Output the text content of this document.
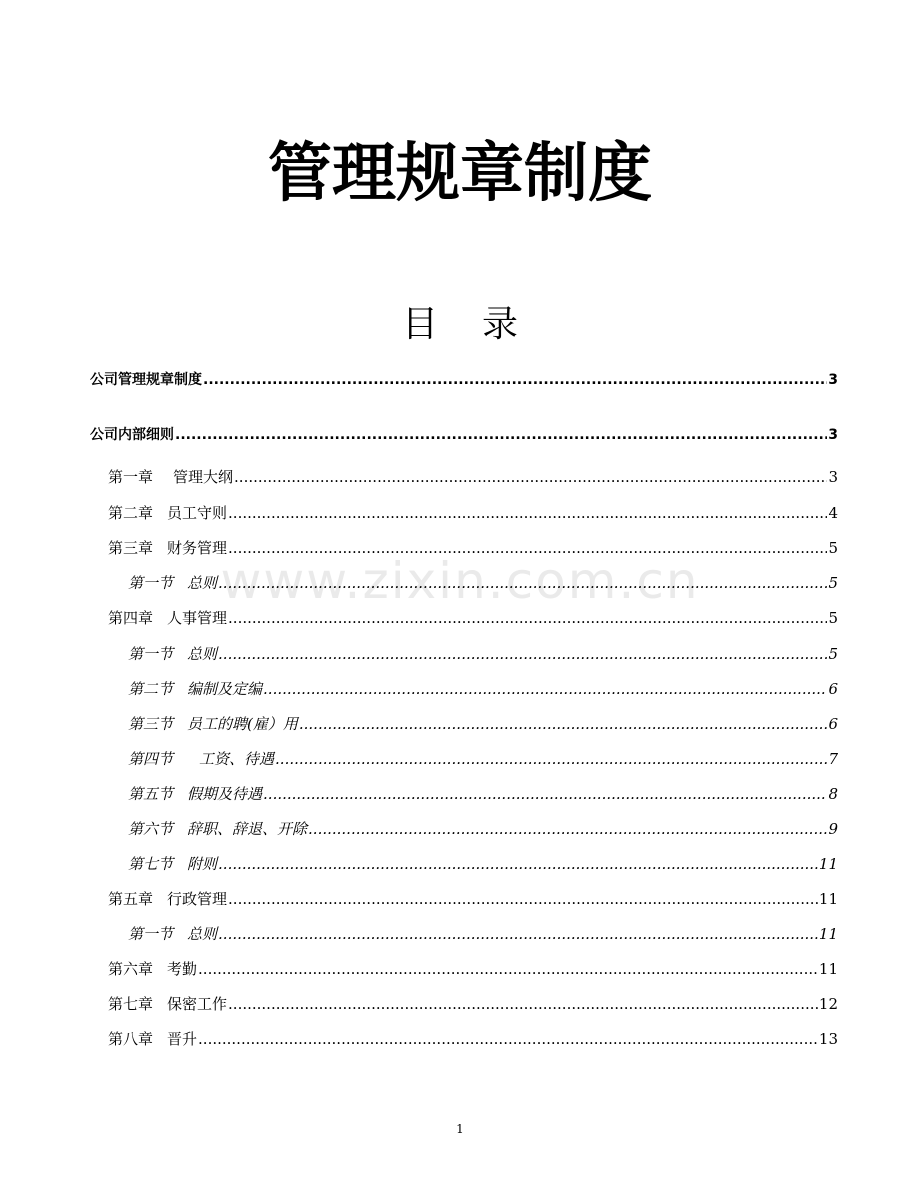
管理规章制度
目 录
www.zixin.com.cn
公司管理规章制度 .....	3
公司内部细则 .....	3
第一章 管理大纲 .....	3
第二章 员工守则 .....	4
第三章 财务管理 .....	5
第一节 总则 .....	5
第四章 人事管理 .....	5
第一节 总则 .....	5
第二节 编制及定编 .....	6
第三节 员工的聘(雇）用 .....	6
第四节 工资、待遇 .....	7
第五节 假期及待遇 .....	8
第六节 辞职、辞退、开除 .....	9
第七节 附则 .....	11
第五章 行政管理 .....	11
第一节 总则 .....	11
第六章 考勤 .....	11
第七章 保密工作 .....	12
第八章 晋升 .....	13
1
